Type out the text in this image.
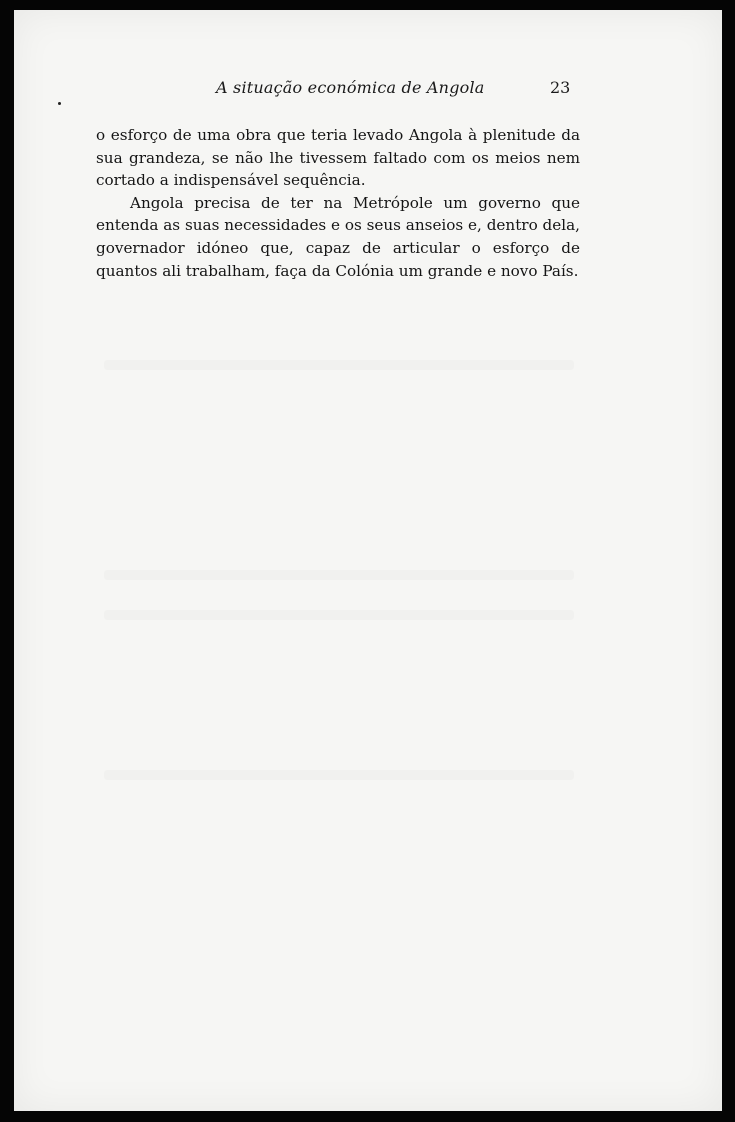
A situação económica de Angola	23

o esforço de uma obra que teria levado Angola à plenitude da sua grandeza, se não lhe tivessem faltado com os meios nem cortado a indispensável sequência.

Angola precisa de ter na Metrópole um governo que entenda as suas necessidades e os seus anseios e, dentro dela, governador idóneo que, capaz de articular o esforço de quantos ali trabalham, faça da Colónia um grande e novo País.
